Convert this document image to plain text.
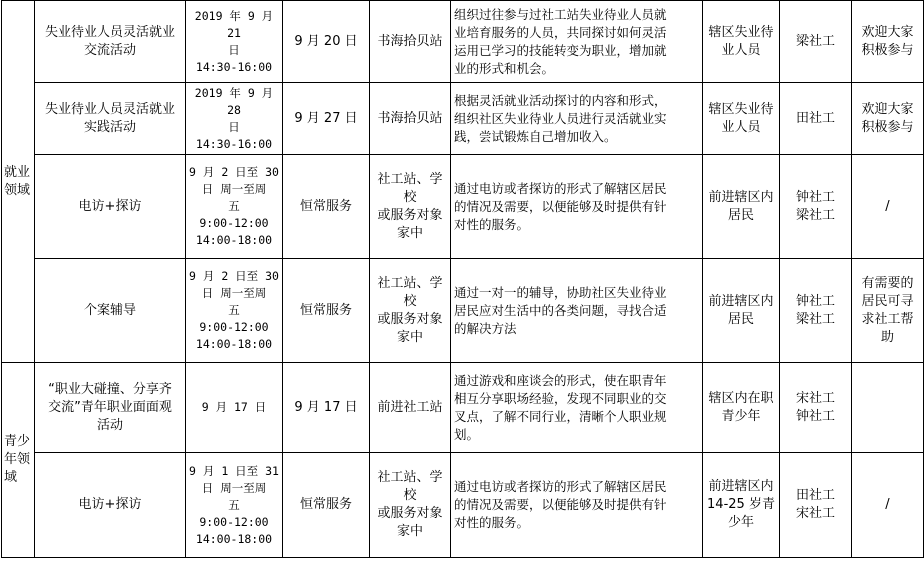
就业
领域	失业待业人员灵活就业
交流活动	2019 年 9 月 21
日
14:30-16:00	9 月 20 日	书海拾贝站	组织过往参与过社工站失业待业人员就
业培育服务的人员，共同探讨如何灵活
运用已学习的技能转变为职业，增加就
业的形式和机会。	辖区失业待
业人员	梁社工	欢迎大家
积极参与

	失业待业人员灵活就业
实践活动	2019 年 9 月 28
日
14:30-16:00	9 月 27 日	书海拾贝站	根据灵活就业活动探讨的内容和形式，
组织社区失业待业人员进行灵活就业实
践，尝试锻炼自己增加收入。	辖区失业待
业人员	田社工	欢迎大家
积极参与

	电访+探访	9 月 2 日至 30
日 周一至周
五
9:00-12:00
14:00-18:00	恒常服务	社工站、学校
或服务对象
家中	通过电访或者探访的形式了解辖区居民
的情况及需要，以便能够及时提供有针
对性的服务。	前进辖区内
居民	钟社工
梁社工	/

	个案辅导	9 月 2 日至 30
日 周一至周
五
9:00-12:00
14:00-18:00	恒常服务	社工站、学校
或服务对象
家中	通过一对一的辅导，协助社区失业待业
居民应对生活中的各类问题，寻找合适
的解决方法	前进辖区内
居民	钟社工
梁社工	有需要的
居民可寻
求社工帮
助

青少
年领
域	“职业大碰撞、分享齐
交流”青年职业面面观
活动	9 月 17 日	9 月 17 日	前进社工站	通过游戏和座谈会的形式，使在职青年
相互分享职场经验，发现不同职业的交
叉点，了解不同行业，清晰个人职业规
划。	辖区内在职
青少年	宋社工
钟社工	

	电访+探访	9 月 1 日至 31
日 周一至周
五
9:00-12:00
14:00-18:00	恒常服务	社工站、学校
或服务对象
家中	通过电访或者探访的形式了解辖区居民
的情况及需要，以便能够及时提供有针
对性的服务。	前进辖区内
14-25 岁青
少年	田社工
宋社工	/
